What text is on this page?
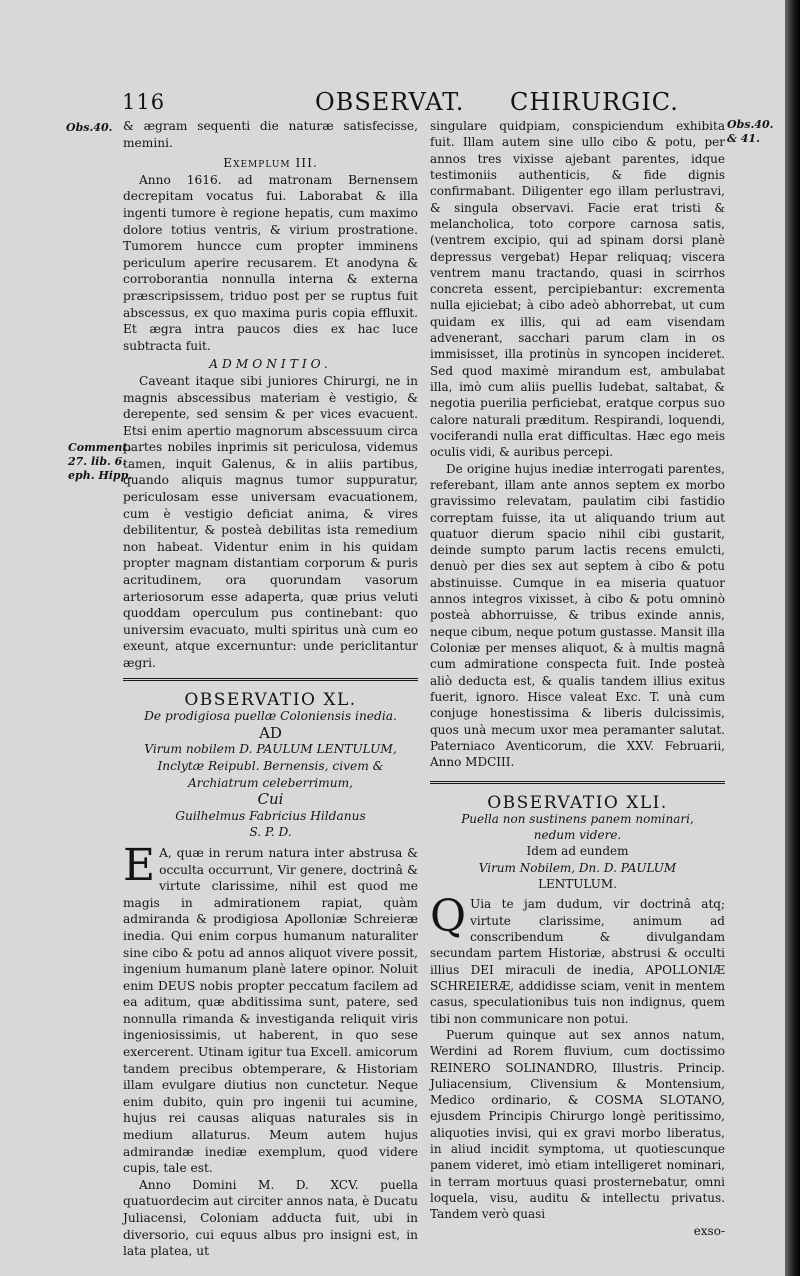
116	OBSERVAT. CHIRURGIC.
Obs.40.	Obs.40. & 41.
Comment.
27. lib. 6.
eph. Hipp.

& ægram sequenti die naturæ satisfecisse, memini.

Exemplum III.

Anno 1616. ad matronam Bernensem decrepitam vocatus fui. Laborabat & illa ingenti tumore è regione hepatis, cum maximo dolore totius ventris, & virium prostratione. Tumorem huncce cum propter imminens periculum aperire recusarem. Et anodyna & corroborantia nonnulla interna & externa præscripsissem, triduo post per se ruptus fuit abscessus, ex quo maxima puris copia effluxit. Et ægra intra paucos dies ex hac luce subtracta fuit.

ADMONITIO.

Caveant itaque sibi juniores Chirurgi, ne in magnis abscessibus materiam è vestigio, & derepente, sed sensim & per vices evacuent. Etsi enim apertio magnorum abscessuum circa partes nobiles inprimis sit periculosa, videmus tamen, inquit Galenus, & in aliis partibus, quando aliquis magnus tumor suppuratur, periculosam esse universam evacuationem, cum è vestigio deficiat anima, & vires debilitentur, & posteà debilitas ista remedium non habeat. Videntur enim in his quidam propter magnam distantiam corporum & puris acritudinem, ora quorundam vasorum arteriosorum esse adaperta, quæ prius veluti quoddam operculum pus continebant: quo universim evacuato, multi spiritus unà cum eo exeunt, atque excernuntur: unde periclitantur ægri.

OBSERVATIO XL.

De prodigiosa puellæ Coloniensis inedia.

AD

Virum nobilem D. PAULUM LENTULUM,

Inclytæ Reipubl. Bernensis, civem & Archiatrum celeberrimum,

Cui

Guilhelmus Fabricius Hildanus

S. P. D.

E A, quæ in rerum natura inter abstrusa & occulta occurrunt, Vir genere, doctrinâ & virtute clarissime, nihil est quod me magis in admirationem rapiat, quàm admiranda & prodigiosa Apolloniæ Schreieræ inedia. Qui enim corpus humanum naturaliter sine cibo & potu ad annos aliquot vivere possit, ingenium humanum planè latere opinor. Noluit enim DEUS nobis propter peccatum facilem ad ea aditum, quæ abditissima sunt, patere, sed nonnulla rimanda & investiganda reliquit viris ingeniosissimis, ut haberent, in quo sese exercerent. Utinam igitur tua Excell. amicorum tandem precibus obtemperare, & Historiam illam evulgare diutius non cunctetur. Neque enim dubito, quin pro ingenii tui acumine, hujus rei causas aliquas naturales sis in medium allaturus. Meum autem hujus admirandæ inediæ exemplum, quod videre cupis, tale est.

Anno Domini M. D. XCV. puella quatuordecim aut circiter annos nata, è Ducatu Juliacensi, Coloniam adducta fuit, ubi in diversorio, cui equus albus pro insigni est, in lata platea, ut

singulare quidpiam, conspiciendum exhibita fuit. Illam autem sine ullo cibo & potu, per annos tres vixisse ajebant parentes, idque testimoniis authenticis, & fide dignis confirmabant. Diligenter ego illam perlustravi, & singula observavi. Facie erat tristi & melancholica, toto corpore carnosa satis, (ventrem excipio, qui ad spinam dorsi planè depressus vergebat) Hepar reliquaq; viscera ventrem manu tractando, quasi in scirrhos concreta essent, percipiebantur: excrementa nulla ejiciebat; à cibo adeò abhorrebat, ut cum quidam ex illis, qui ad eam visendam advenerant, sacchari parum clam in os immisisset, illa protinùs in syncopen incideret. Sed quod maximè mirandum est, ambulabat illa, imò cum aliis puellis ludebat, saltabat, & negotia puerilia perficiebat, eratque corpus suo calore naturali præditum. Respirandi, loquendi, vociferandi nulla erat difficultas. Hæc ego meis oculis vidi, & auribus percepi.

De origine hujus inediæ interrogati parentes, referebant, illam ante annos septem ex morbo gravissimo relevatam, paulatim cibi fastidio correptam fuisse, ita ut aliquando trium aut quatuor dierum spacio nihil cibi gustarit, deinde sumpto parum lactis recens emulcti, denuò per dies sex aut septem à cibo & potu abstinuisse. Cumque in ea miseria quatuor annos integros vixisset, à cibo & potu omninò posteà abhorruisse, & tribus exinde annis, neque cibum, neque potum gustasse. Mansit illa Coloniæ per menses aliquot, & à multis magnâ cum admiratione conspecta fuit. Inde posteà aliò deducta est, & qualis tandem illius exitus fuerit, ignoro. Hisce valeat Exc. T. unà cum conjuge honestissima & liberis dulcissimis, quos unà mecum uxor mea peramanter salutat. Paterniaco Aventicorum, die XXV. Februarii, Anno MDCIII.

OBSERVATIO XLI.

Puella non sustinens panem nominari,

nedum videre.

Idem ad eundem

Virum Nobilem, Dn. D. PAULUM

LENTULUM.

Q Uia te jam dudum, vir doctrinâ atq; virtute clarissime, animum ad conscribendum & divulgandam secundam partem Historiæ, abstrusi & occulti illius DEI miraculi de inedia, APOLLONIÆ SCHREIERÆ, addidisse sciam, venit in mentem casus, speculationibus tuis non indignus, quem tibi non communicare non potui.

Puerum quinque aut sex annos natum, Werdini ad Rorem fluvium, cum doctissimo REINERO SOLINANDRO, Illustris. Princip. Juliacensium, Clivensium & Montensium, Medico ordinario, & COSMA SLOTANO, ejusdem Principis Chirurgo longè peritissimo, aliquoties invisi, qui ex gravi morbo liberatus, in aliud incidit symptoma, ut quotiescunque panem videret, imò etiam intelligeret nominari, in terram mortuus quasi prosternebatur, omni loquela, visu, auditu & intellectu privatus. Tandem verò quasi

exso-
